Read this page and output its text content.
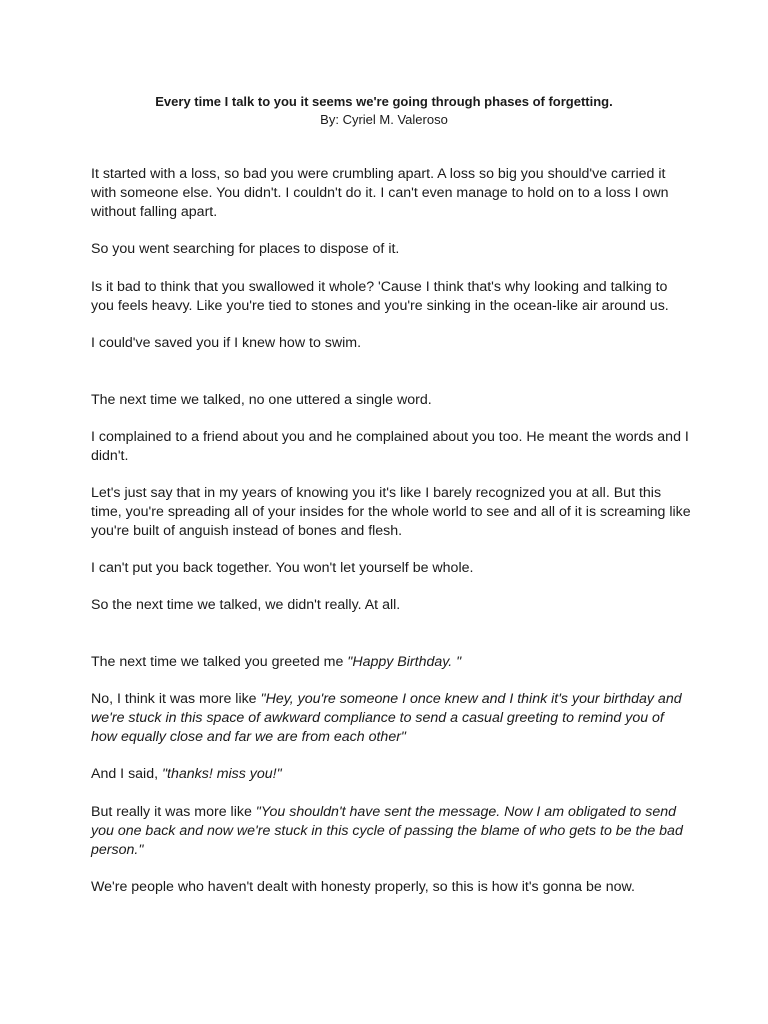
Every time I talk to you it seems we're going through phases of forgetting.
By: Cyriel M. Valeroso

It started with a loss, so bad you were crumbling apart. A loss so big you should've carried it with someone else. You didn't. I couldn't do it. I can't even manage to hold on to a loss I own without falling apart.

So you went searching for places to dispose of it.

Is it bad to think that you swallowed it whole? 'Cause I think that's why looking and talking to you feels heavy. Like you're tied to stones and you're sinking in the ocean-like air around us.

I could've saved you if I knew how to swim.

The next time we talked, no one uttered a single word.

I complained to a friend about you and he complained about you too. He meant the words and I didn't.

Let's just say that in my years of knowing you it's like I barely recognized you at all. But this time, you're spreading all of your insides for the whole world to see and all of it is screaming like you're built of anguish instead of bones and flesh.

I can't put you back together. You won't let yourself be whole.

So the next time we talked, we didn't really. At all.

The next time we talked you greeted me "Happy Birthday. "

No, I think it was more like "Hey, you're someone I once knew and I think it's your birthday and we're stuck in this space of awkward compliance to send a casual greeting to remind you of how equally close and far we are from each other"

And I said, "thanks! miss you!"

But really it was more like "You shouldn't have sent the message. Now I am obligated to send you one back and now we're stuck in this cycle of passing the blame of who gets to be the bad person."

We're people who haven't dealt with honesty properly, so this is how it's gonna be now.
